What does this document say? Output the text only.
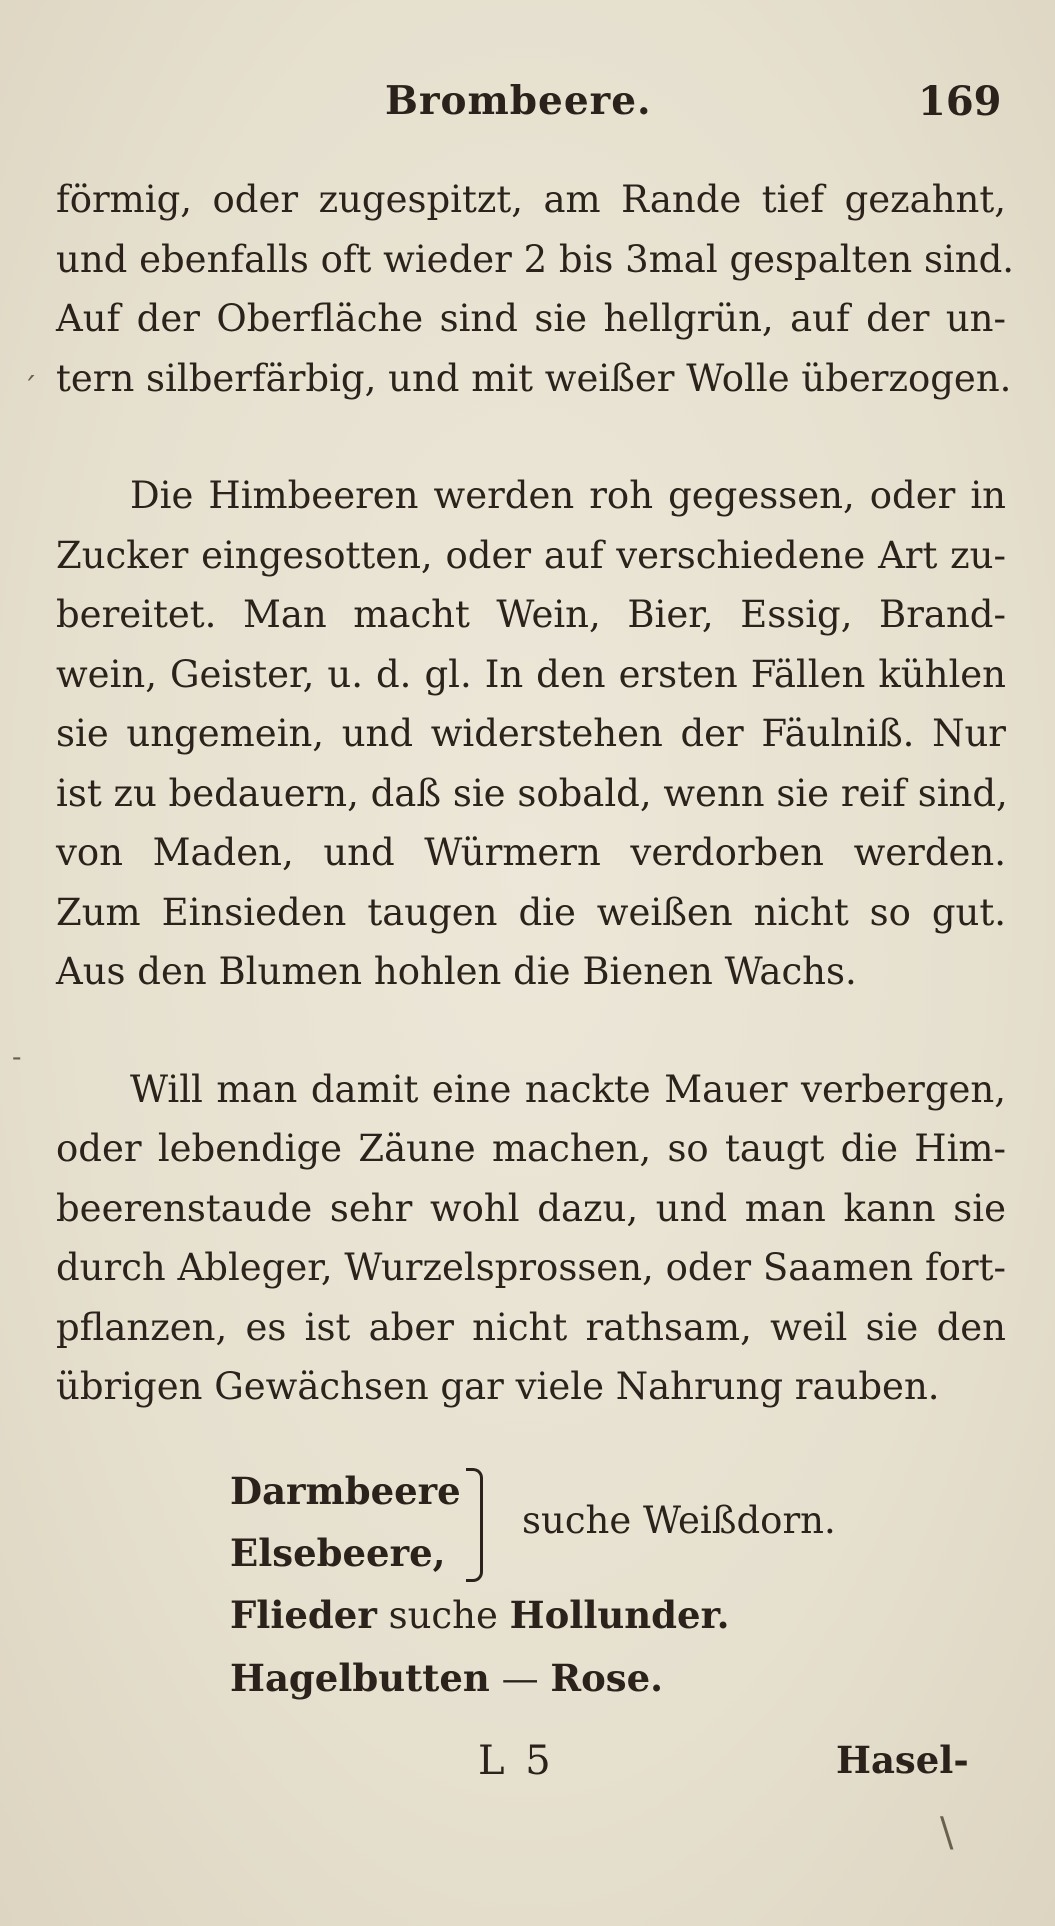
Brombeere.	169

förmig, oder zugespitzt, am Rande tief gezahnt,
und ebenfalls oft wieder 2 bis 3mal gespalten sind.
Auf der Oberfläche sind sie hellgrün, auf der un-
tern silberfärbig, und mit weißer Wolle überzogen.

Die Himbeeren werden roh gegessen, oder in
Zucker eingesotten, oder auf verschiedene Art zu-
bereitet. Man macht Wein, Bier, Essig, Brand-
wein, Geister, u. d. gl. In den ersten Fällen kühlen
sie ungemein, und widerstehen der Fäulniß. Nur
ist zu bedauern, daß sie sobald, wenn sie reif sind,
von Maden, und Würmern verdorben werden.
Zum Einsieden taugen die weißen nicht so gut.
Aus den Blumen hohlen die Bienen Wachs.

Will man damit eine nackte Mauer verbergen,
oder lebendige Zäune machen, so taugt die Him-
beerenstaude sehr wohl dazu, und man kann sie
durch Ableger, Wurzelsprossen, oder Saamen fort-
pflanzen, es ist aber nicht rathsam, weil sie den
übrigen Gewächsen gar viele Nahrung rauben.

Darmbeere
Elsebeere,
suche Weißdorn.
Flieder suche Hollunder.
Hagelbutten — Rose.
L 5	Hasel-
ˊ
-
\
